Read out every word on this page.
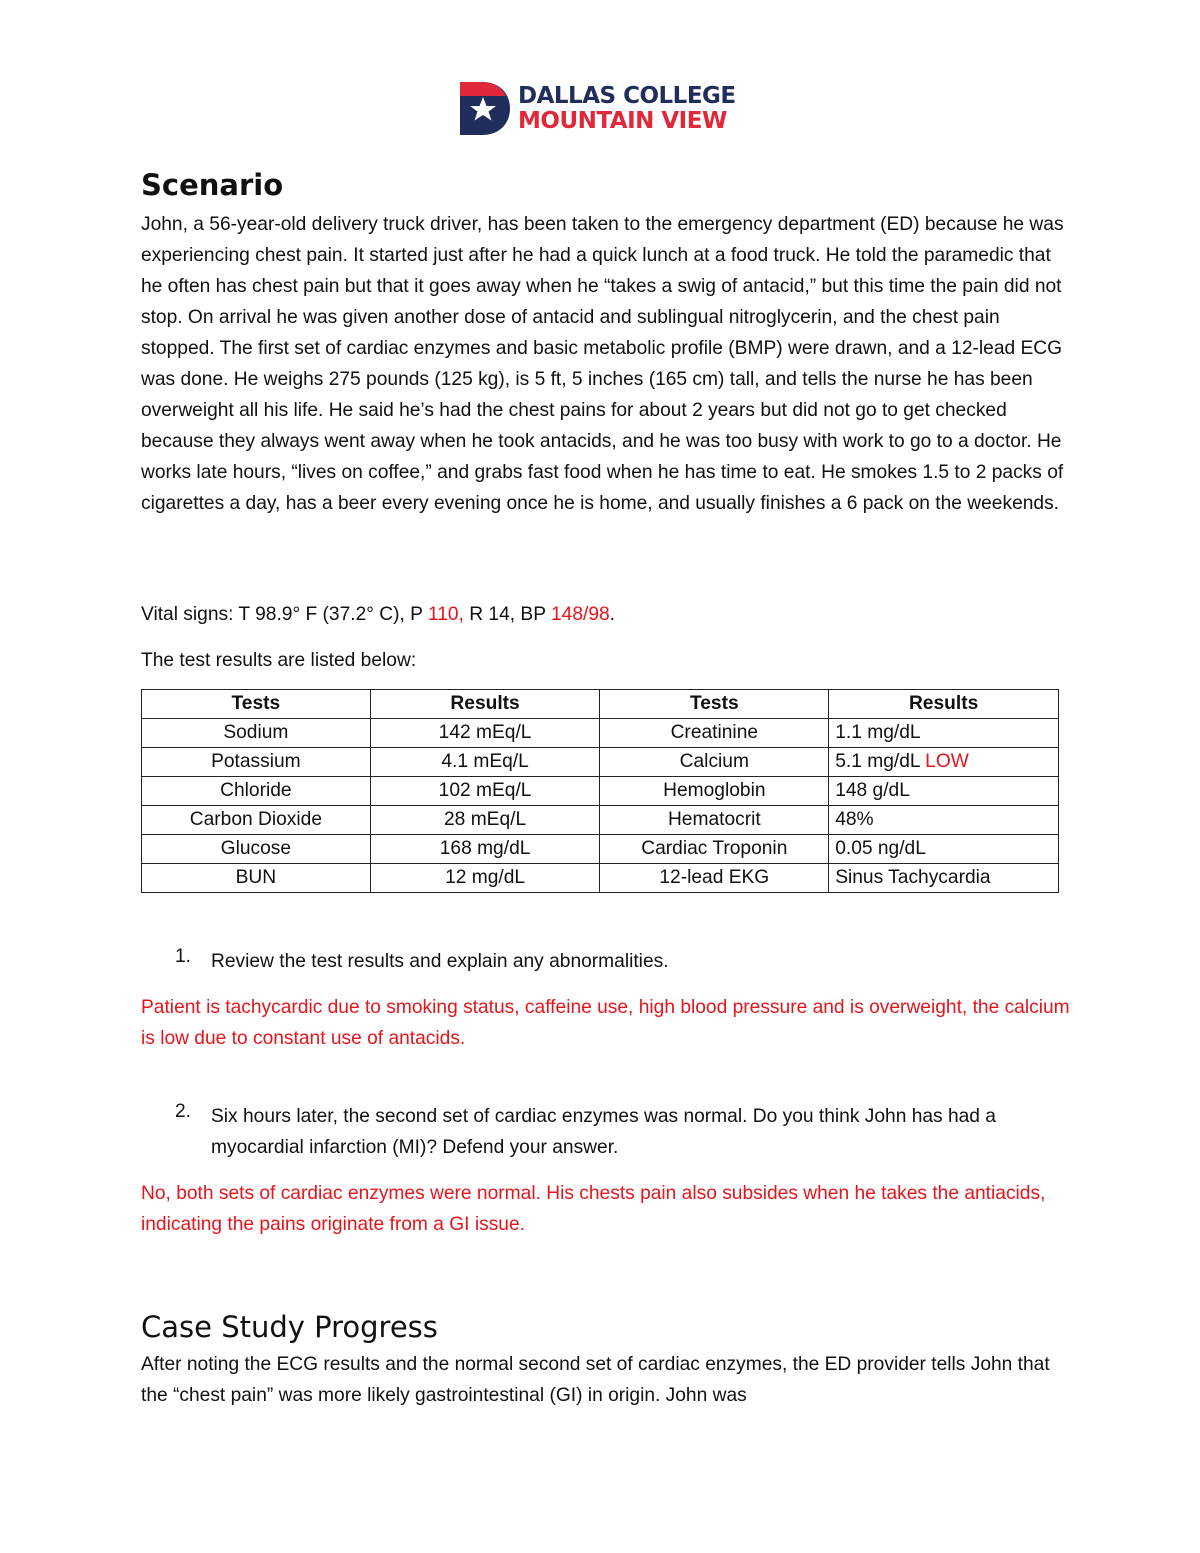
DALLAS COLLEGE
MOUNTAIN VIEW
Scenario

John, a 56-year-old delivery truck driver, has been taken to the emergency department (ED) because he was experiencing chest pain. It started just after he had a quick lunch at a food truck. He told the paramedic that he often has chest pain but that it goes away when he “takes a swig of antacid,” but this time the pain did not stop. On arrival he was given another dose of antacid and sublingual nitroglycerin, and the chest pain stopped. The first set of cardiac enzymes and basic metabolic profile (BMP) were drawn, and a 12-lead ECG was done. He weighs 275 pounds (125 kg), is 5 ft, 5 inches (165 cm) tall, and tells the nurse he has been overweight all his life. He said he’s had the chest pains for about 2 years but did not go to get checked because they always went away when he took antacids, and he was too busy with work to go to a doctor. He works late hours, “lives on coffee,” and grabs fast food when he has time to eat. He smokes 1.5 to 2 packs of cigarettes a day, has a beer every evening once he is home, and usually finishes a 6 pack on the weekends.

Vital signs: T 98.9° F (37.2° C), P 110, R 14, BP 148/98.

The test results are listed below:

Tests	Results	Tests	Results
Sodium	142 mEq/L	Creatinine	1.1 mg/dL
Potassium	4.1 mEq/L	Calcium	5.1 mg/dL LOW
Chloride	102 mEq/L	Hemoglobin	148 g/dL
Carbon Dioxide	28 mEq/L	Hematocrit	48%
Glucose	168 mg/dL	Cardiac Troponin	0.05 ng/dL
BUN	12 mg/dL	12-lead EKG	Sinus Tachycardia
1. Review the test results and explain any abnormalities.

Patient is tachycardic due to smoking status, caffeine use, high blood pressure and is overweight, the calcium is low due to constant use of antacids.

2. Six hours later, the second set of cardiac enzymes was normal. Do you think John has had a myocardial infarction (MI)? Defend your answer.

No, both sets of cardiac enzymes were normal. His chests pain also subsides when he takes the antiacids, indicating the pains originate from a GI issue.

Case Study Progress

After noting the ECG results and the normal second set of cardiac enzymes, the ED provider tells John that the “chest pain” was more likely gastrointestinal (GI) in origin. John was
